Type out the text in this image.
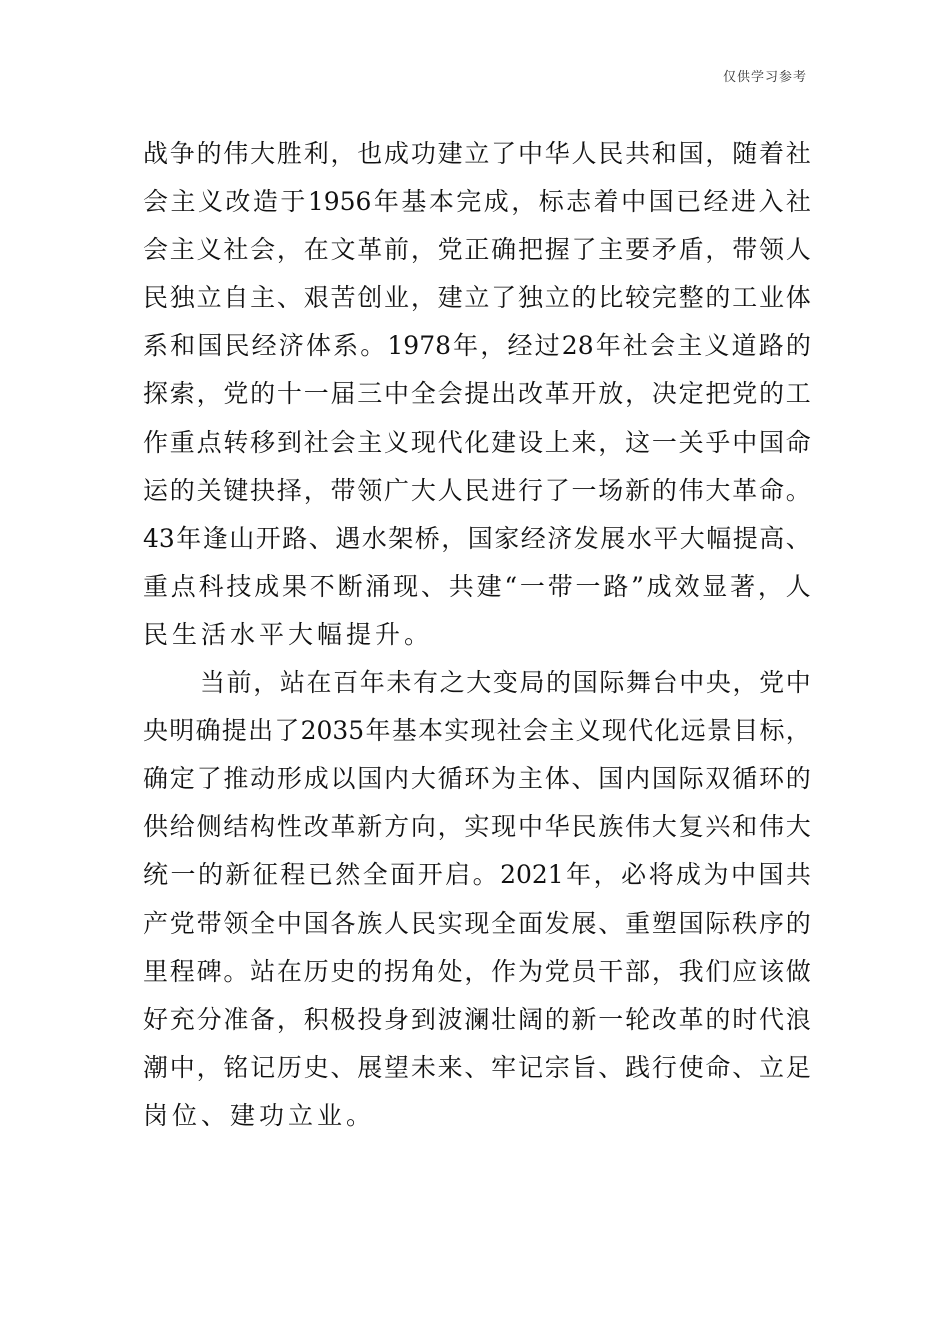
仅供学习参考
战 争 的 伟 大 胜 利 ， 也 成 功 建 立 了 中 华 人 民 共 和 国 ， 随 着 社
会 主 义 改 造 于 1956 年 基 本 完 成 ， 标 志 着 中 国 已 经 进 入 社
会 主 义 社 会 ， 在 文 革 前 ， 党 正 确 把 握 了 主 要 矛 盾 ， 带 领 人
民 独 立 自 主 、 艰 苦 创 业 ， 建 立 了 独 立 的 比 较 完 整 的 工 业 体
系 和 国 民 经 济 体 系 。 1978 年 ， 经 过 28 年 社 会 主 义 道 路 的
探 索 ， 党 的 十 一 届 三 中 全 会 提 出 改 革 开 放 ， 决 定 把 党 的 工
作 重 点 转 移 到 社 会 主 义 现 代 化 建 设 上 来 ， 这 一 关 乎 中 国 命
运 的 关 键 抉 择 ， 带 领 广 大 人 民 进 行 了 一 场 新 的 伟 大 革 命 。
43 年 逢 山 开 路 、 遇 水 架 桥 ， 国 家 经 济 发 展 水 平 大 幅 提 高 、
重 点 科 技 成 果 不 断 涌 现 、 共 建 “ 一 带 一 路 ” 成 效 显 著 ， 人
民生活水平大幅提升。
当 前 ， 站 在 百 年 未 有 之 大 变 局 的 国 际 舞 台 中 央 ， 党 中
央 明 确 提 出 了 2035 年 基 本 实 现 社 会 主 义 现 代 化 远 景 目 标 ，
确 定 了 推 动 形 成 以 国 内 大 循 环 为 主 体 、 国 内 国 际 双 循 环 的
供 给 侧 结 构 性 改 革 新 方 向 ， 实 现 中 华 民 族 伟 大 复 兴 和 伟 大
统 一 的 新 征 程 已 然 全 面 开 启 。 2021 年 ， 必 将 成 为 中 国 共
产 党 带 领 全 中 国 各 族 人 民 实 现 全 面 发 展 、 重 塑 国 际 秩 序 的
里 程 碑 。 站 在 历 史 的 拐 角 处 ， 作 为 党 员 干 部 ， 我 们 应 该 做
好 充 分 准 备 ， 积 极 投 身 到 波 澜 壮 阔 的 新 一 轮 改 革 的 时 代 浪
潮 中 ， 铭 记 历 史 、 展 望 未 来 、 牢 记 宗 旨 、 践 行 使 命 、 立 足
岗位、建功立业。
